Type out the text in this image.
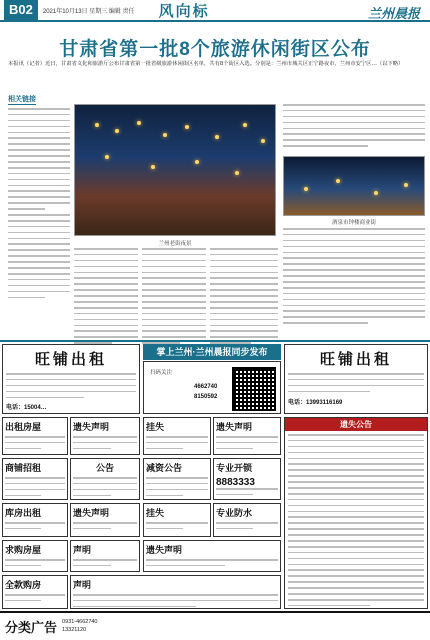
B02	2021年10月13日 星期三 编辑 责任 风向标	兰州晨报
甘肃省第一批8个旅游休闲街区公布
本报讯（记者）近日，甘肃省文化和旅游厅公布甘肃省第一批省级旅游休闲街区名单，共有8个街区入选。分别是：兰州市城关区正宁路夜市、兰州市安宁区…（以下略）
相关链接
兰州老街夜景
酒泉市钟楼商业街
旺铺出租
电话：15004…
掌上兰州·兰州晨报同步发布
扫码关注
4662740
8150592
旺铺出租
电话：13993116169
出租房屋	遗失声明	挂失	遗失声明	遗失公告
商铺招租	公告	减资公告	专业开锁
8883333
库房出租	遗失声明	挂失	专业防水
求购房屋	声明	遗失声明
全款购房	声明
分类广告 0931-4662740
13321120
